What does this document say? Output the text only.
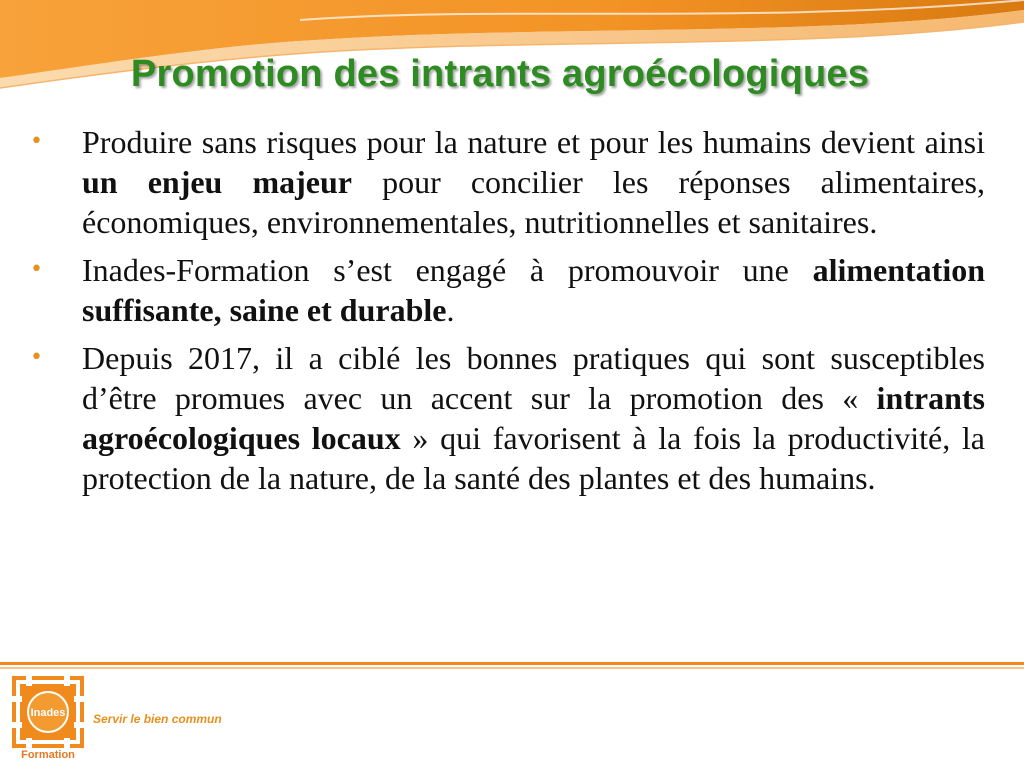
Promotion des intrants agroécologiques
• Produire sans risques pour la nature et pour les humains devient ainsi un enjeu majeur pour concilier les réponses alimentaires, économiques, environnementales, nutritionnelles et sanitaires.
• Inades-Formation s’est engagé à promouvoir une alimentation suffisante, saine et durable.
• Depuis 2017, il a ciblé les bonnes pratiques qui sont susceptibles d’être promues avec un accent sur la promotion des « intrants agroécologiques locaux » qui favorisent à la fois la productivité, la protection de la nature, de la santé des plantes et des humains.
Inades
Formation
Servir le bien commun
